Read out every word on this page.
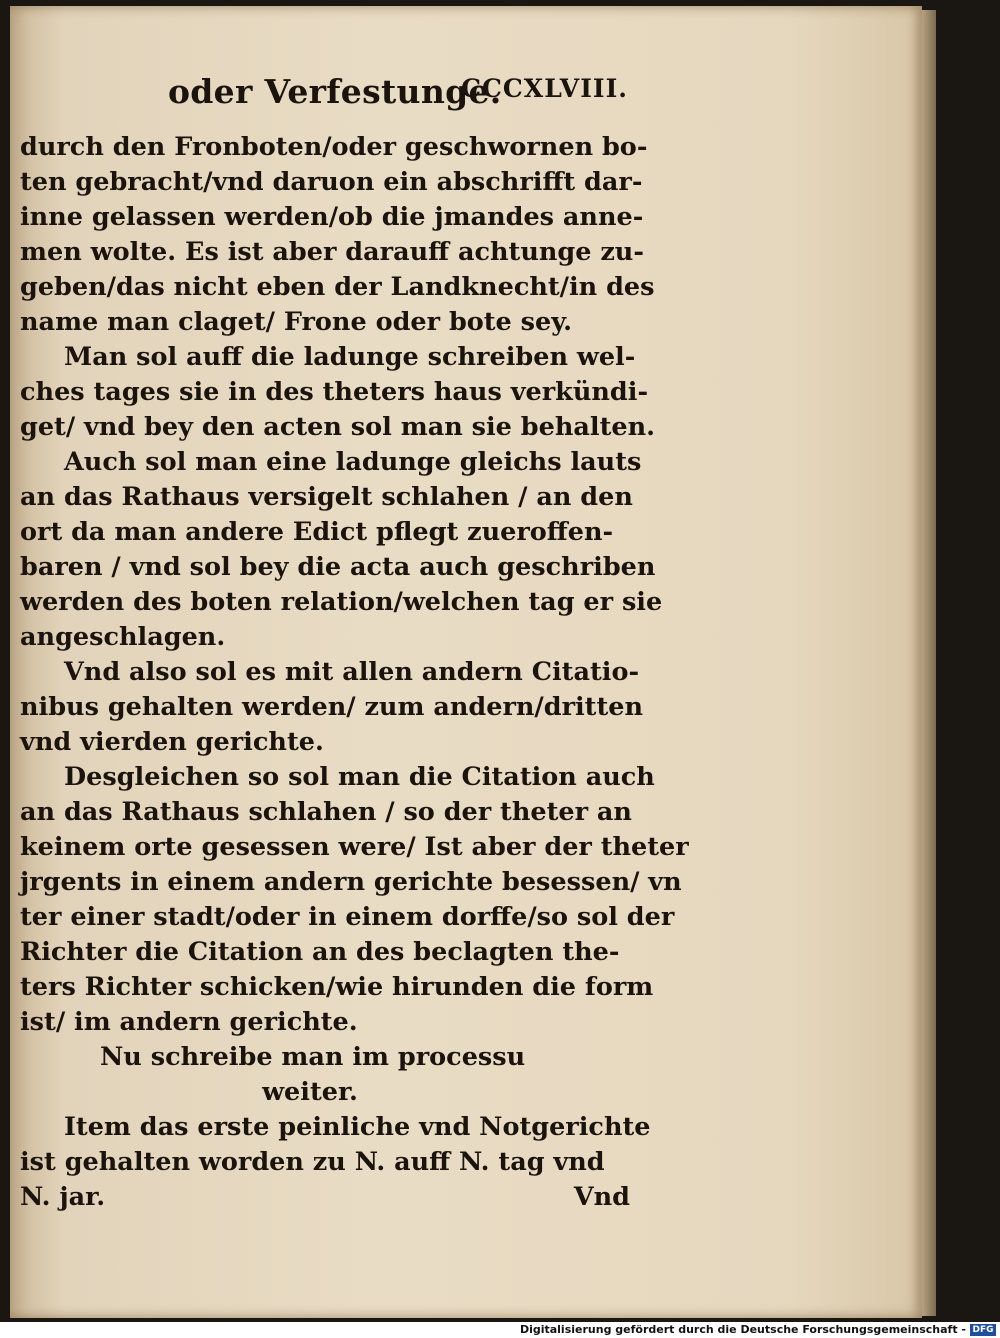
oder Verfestunge.
CCCXLVIII.
durch den Fronboten/oder geschwornen bo-
ten gebracht/vnd daruon ein abschrifft dar-
inne gelassen werden/ob die jmandes anne-
men wolte. Es ist aber darauff achtunge zu-
geben/das nicht eben der Landknecht/in des
name man claget/ Frone oder bote sey.
Man sol auff die ladunge schreiben wel-
ches tages sie in des theters haus verkündi-
get/ vnd bey den acten sol man sie behalten.
Auch sol man eine ladunge gleichs lauts
an das Rathaus versigelt schlahen / an den
ort da man andere Edict pflegt zueroffen-
baren / vnd sol bey die acta auch geschriben
werden des boten relation/welchen tag er sie
angeschlagen.
Vnd also sol es mit allen andern Citatio-
nibus gehalten werden/ zum andern/dritten
vnd vierden gerichte.
Desgleichen so sol man die Citation auch
an das Rathaus schlahen / so der theter an
keinem orte gesessen were/ Ist aber der theter
jrgents in einem andern gerichte besessen/ vn
ter einer stadt/oder in einem dorffe/so sol der
Richter die Citation an des beclagten the-
ters Richter schicken/wie hirunden die form
ist/ im andern gerichte.
Nu schreibe man im processu
weiter.
Item das erste peinliche vnd Notgerichte
ist gehalten worden zu N. auff N. tag vnd
N. jar.	Vnd
Digitalisierung gefördert durch die Deutsche Forschungsgemeinschaft - DFG
